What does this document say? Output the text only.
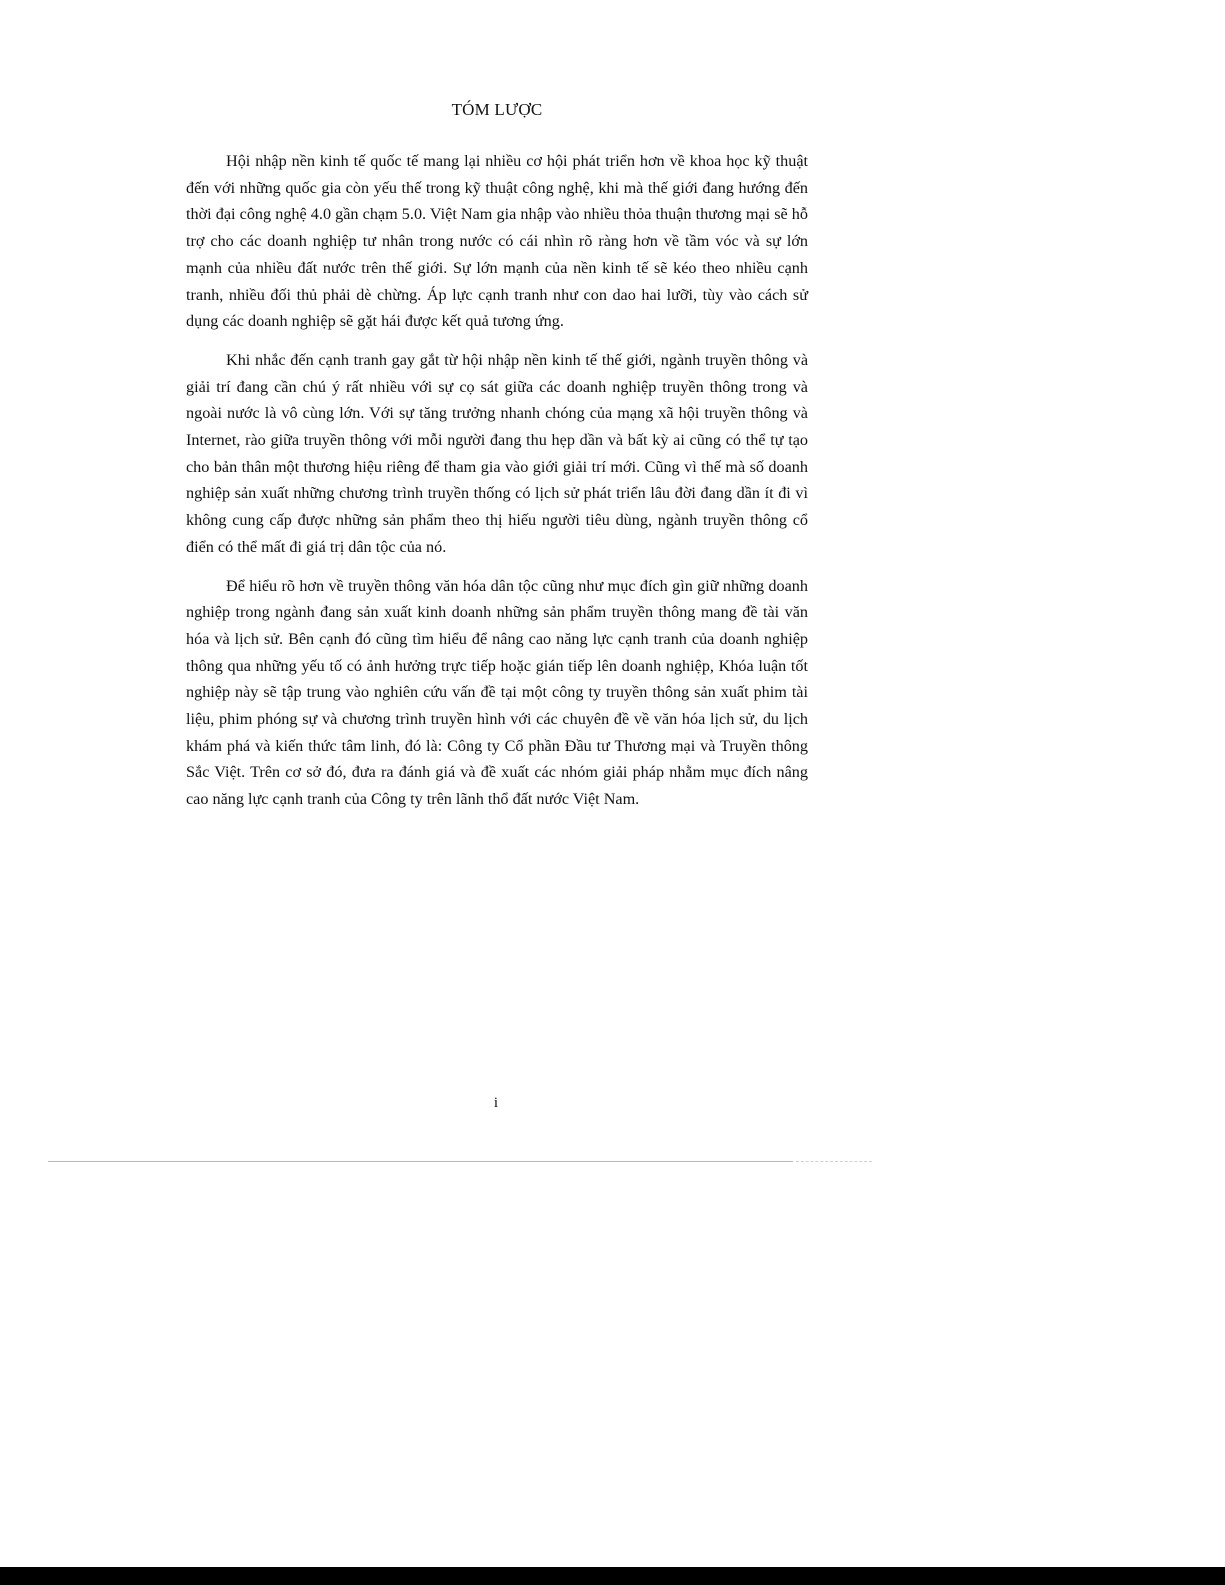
TÓM LƯỢC

Hội nhập nền kinh tế quốc tế mang lại nhiều cơ hội phát triển hơn về khoa học kỹ thuật đến với những quốc gia còn yếu thế trong kỹ thuật công nghệ, khi mà thế giới đang hướng đến thời đại công nghệ 4.0 gần chạm 5.0. Việt Nam gia nhập vào nhiều thỏa thuận thương mại sẽ hỗ trợ cho các doanh nghiệp tư nhân trong nước có cái nhìn rõ ràng hơn về tầm vóc và sự lớn mạnh của nhiều đất nước trên thế giới. Sự lớn mạnh của nền kinh tế sẽ kéo theo nhiều cạnh tranh, nhiều đối thủ phải dè chừng. Áp lực cạnh tranh như con dao hai lưỡi, tùy vào cách sử dụng các doanh nghiệp sẽ gặt hái được kết quả tương ứng.

Khi nhắc đến cạnh tranh gay gắt từ hội nhập nền kinh tế thế giới, ngành truyền thông và giải trí đang cần chú ý rất nhiều với sự cọ sát giữa các doanh nghiệp truyền thông trong và ngoài nước là vô cùng lớn. Với sự tăng trưởng nhanh chóng của mạng xã hội truyền thông và Internet, rào giữa truyền thông với mỗi người đang thu hẹp dần và bất kỳ ai cũng có thể tự tạo cho bản thân một thương hiệu riêng để tham gia vào giới giải trí mới. Cũng vì thế mà số doanh nghiệp sản xuất những chương trình truyền thống có lịch sử phát triển lâu đời đang dần ít đi vì không cung cấp được những sản phẩm theo thị hiếu người tiêu dùng, ngành truyền thông cổ điển có thể mất đi giá trị dân tộc của nó.

Để hiểu rõ hơn về truyền thông văn hóa dân tộc cũng như mục đích gìn giữ những doanh nghiệp trong ngành đang sản xuất kinh doanh những sản phẩm truyền thông mang đề tài văn hóa và lịch sử. Bên cạnh đó cũng tìm hiểu để nâng cao năng lực cạnh tranh của doanh nghiệp thông qua những yếu tố có ảnh hưởng trực tiếp hoặc gián tiếp lên doanh nghiệp, Khóa luận tốt nghiệp này sẽ tập trung vào nghiên cứu vấn đề tại một công ty truyền thông sản xuất phim tài liệu, phim phóng sự và chương trình truyền hình với các chuyên đề về văn hóa lịch sử, du lịch khám phá và kiến thức tâm linh, đó là: Công ty Cổ phần Đầu tư Thương mại và Truyền thông Sắc Việt. Trên cơ sở đó, đưa ra đánh giá và đề xuất các nhóm giải pháp nhằm mục đích nâng cao năng lực cạnh tranh của Công ty trên lãnh thổ đất nước Việt Nam.

i
